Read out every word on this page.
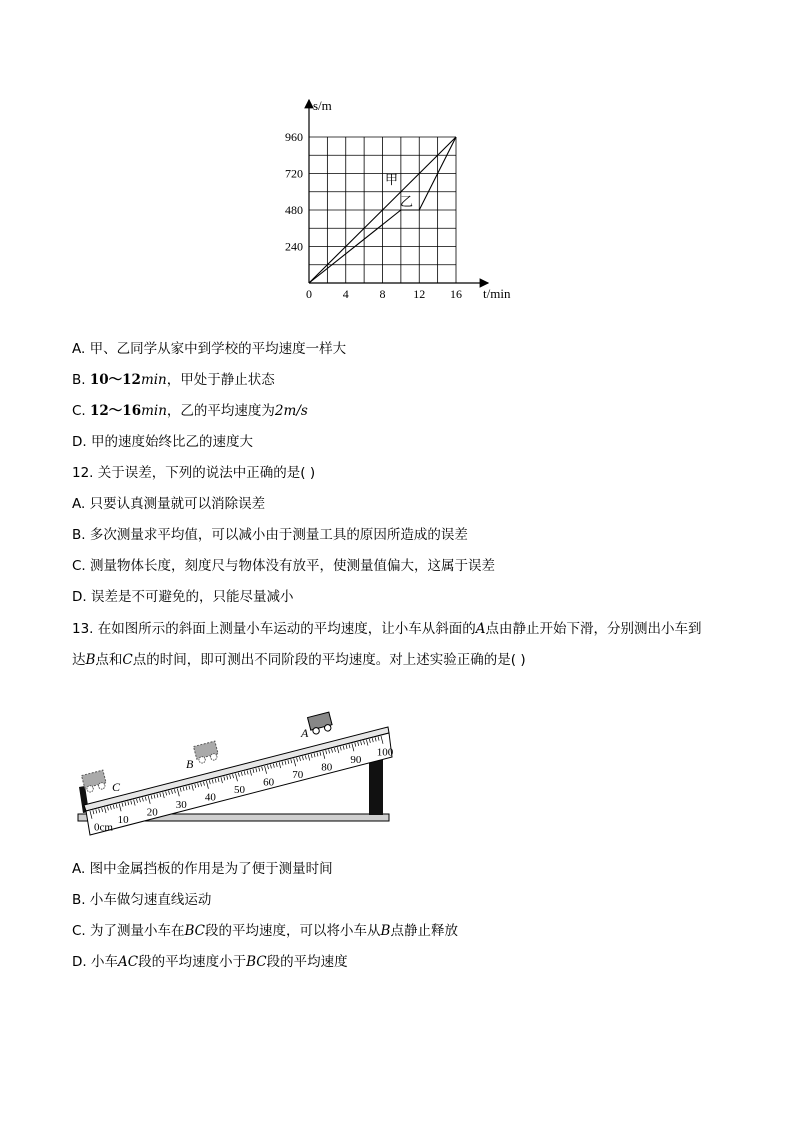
0	4	8 12 16
240
480
720
960
s/m
t/min
甲
乙
A. 甲、乙同学从家中到学校的平均速度一样大
B. 10～12min，甲处于静止状态
C. 12～16min，乙的平均速度为2m/s
D. 甲的速度始终比乙的速度大
12. 关于误差，下列的说法中正确的是( )
A. 只要认真测量就可以消除误差
B. 多次测量求平均值，可以减小由于测量工具的原因所造成的误差
C. 测量物体长度，刻度尺与物体没有放平，使测量值偏大，这属于误差
D. 误差是不可避免的，只能尽量减小
13. 在如图所示的斜面上测量小车运动的平均速度，让小车从斜面的A点由静止开始下滑，分别测出小车到
达B点和C点的时间，即可测出不同阶段的平均速度。对上述实验正确的是( )
0cm
10
20
30
40
50
60
70
80
90
100
A
B
C
A. 图中金属挡板的作用是为了便于测量时间
B. 小车做匀速直线运动
C. 为了测量小车在BC段的平均速度，可以将小车从B点静止释放
D. 小车AC段的平均速度小于BC段的平均速度
